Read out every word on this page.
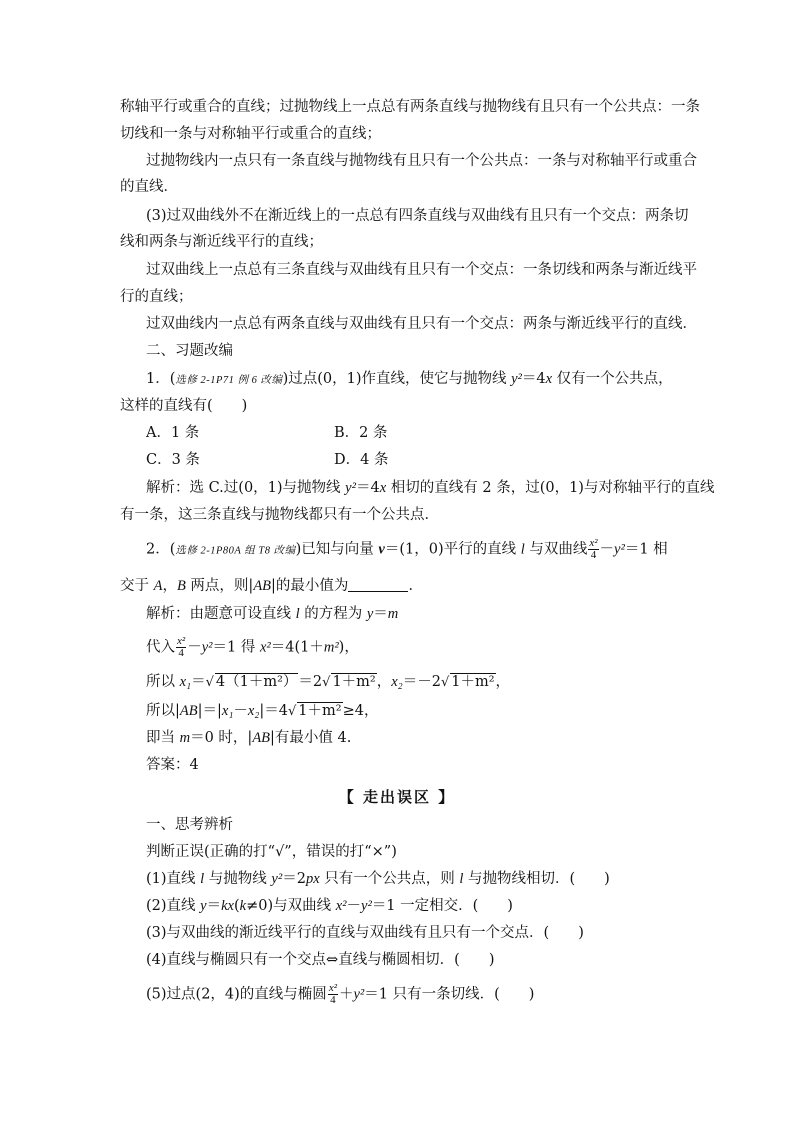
称轴平行或重合的直线；过抛物线上一点总有两条直线与抛物线有且只有一个公共点：一条
切线和一条与对称轴平行或重合的直线；
过抛物线内一点只有一条直线与抛物线有且只有一个公共点：一条与对称轴平行或重合
的直线．
(3)过双曲线外不在渐近线上的一点总有四条直线与双曲线有且只有一个交点：两条切
线和两条与渐近线平行的直线；
过双曲线上一点总有三条直线与双曲线有且只有一个交点：一条切线和两条与渐近线平
行的直线；
过双曲线内一点总有两条直线与双曲线有且只有一个交点：两条与渐近线平行的直线．
二、习题改编
1．(选修 2-1P71 例 6 改编)过点(0，1)作直线，使它与抛物线 y²＝4x 仅有一个公共点，
这样的直线有(　　)
A．1 条	B．2 条
C．3 条	D．4 条
解析：选 C.过(0，1)与抛物线 y²＝4x 相切的直线有 2 条，过(0，1)与对称轴平行的直线
有一条，这三条直线与抛物线都只有一个公共点．
2．(选修 2-1P80A 组 T8 改编)已知与向量 v＝(1，0)平行的直线 l 与双曲线 $\frac{\text{x²}}{4} -y^2=1$ 相
交于 A，B 两点，则|AB|的最小值为	．
解析：由题意可设直线 l 的方程为 y＝m
代入 $\frac{\text{x²}}{4} -y^2=1$ 得 x²＝4(1＋m²)，
所以 x₁＝√ 4（1＋m²）＝2√ 1＋m²，x₂＝－2√ 1＋m²，
所以|AB|＝|x₁－x₂|＝4√ 1＋m²≥4，
即当 m＝0 时，|AB|有最小值 4.
答案：4
【 走出误区 】
一、思考辨析
判断正误(正确的打“√”，错误的打“×”)
(1)直线 l 与抛物线 y²＝2px 只有一个公共点，则 l 与抛物线相切．(　　)
(2)直线 y＝kx(k≠0)与双曲线 x²－y²＝1 一定相交．(　　)
(3)与双曲线的渐近线平行的直线与双曲线有且只有一个交点．(　　)
(4)直线与椭圆只有一个交点⇔直线与椭圆相切．(　　)
(5)过点(2，4)的直线与椭圆 $\frac{\text{x²}}{4} +y^2=1$ 只有一条切线．(　　)
